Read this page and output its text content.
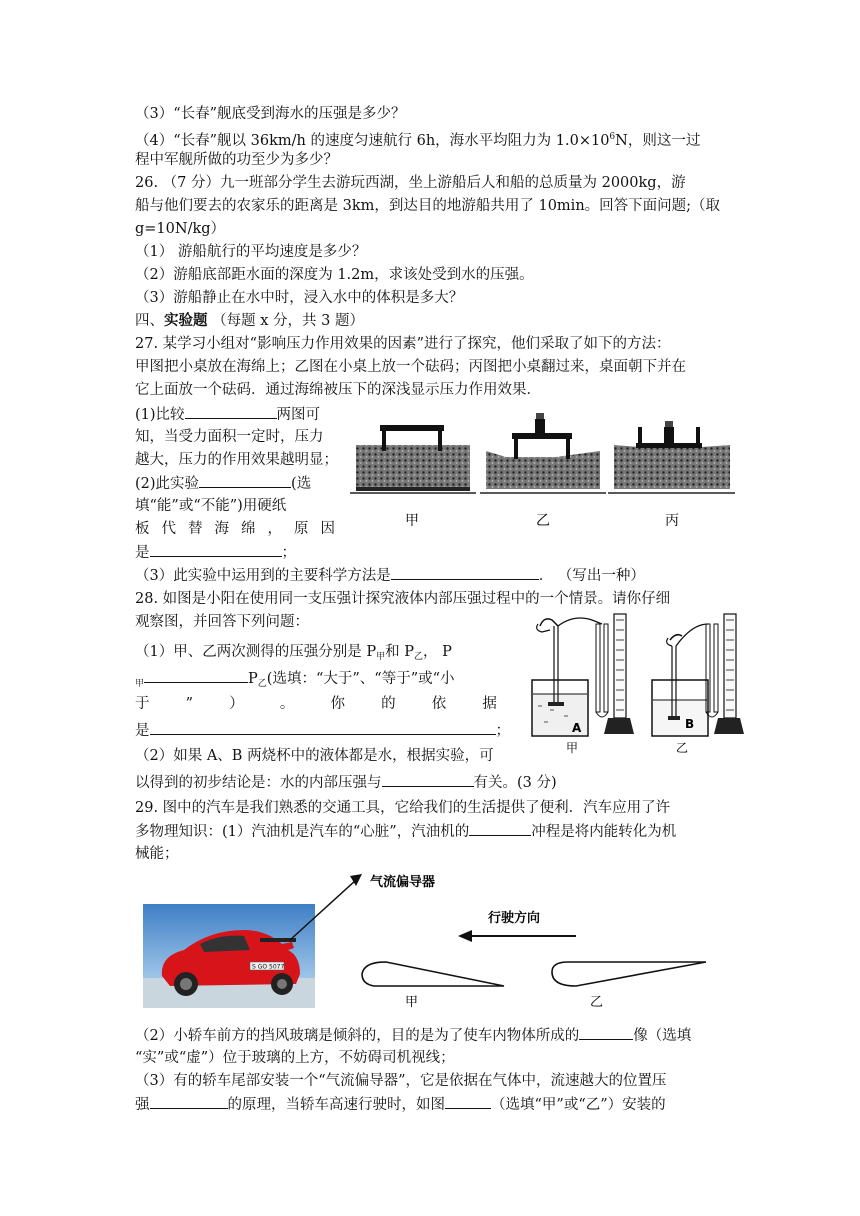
（3）“长春”舰底受到海水的压强是多少？
（4）“长春”舰以 36km/h 的速度匀速航行 6h，海水平均阻力为 $1.0\times 10^6N$，则这一过
程中军舰所做的功至少为多少？
26. （7 分）九一班部分学生去游玩西湖，坐上游船后人和船的总质量为 2000kg，游
船与他们要去的农家乐的距离是 3km，到达目的地游船共用了 10min。回答下面问题;（取
g=10N/kg）
（1） 游船航行的平均速度是多少？
（2）游船底部距水面的深度为 1.2m，求该处受到水的压强。
（3）游船静止在水中时，浸入水中的体积是多大？
四、实验题 （每题 x 分，共 3 题）
27. 某学习小组对“影响压力作用效果的因素”进行了探究，他们采取了如下的方法：
甲图把小桌放在海绵上；乙图在小桌上放一个砝码；丙图把小桌翻过来，桌面朝下并在
它上面放一个砝码．通过海绵被压下的深浅显示压力作用效果．
(1)比较	两图可
知，当受力面积一定时，压力
越大，压力的作用效果越明显；
(2)此实验	(选
填“能”或“不能”)用硬纸
板 代 替 海 绵 ， 原 因
是	；
（3）此实验中运用到的主要科学方法是	． （写出一种）
甲	乙	丙
28. 如图是小阳在使用同一支压强计探究液体内部压强过程中的一个情景。请你仔细
观察图，并回答下列问题：
（1）甲、乙两次测得的压强分别是 $P_甲$和 $P_乙$， P
$_甲$	$P_乙$(选填：“大于”、“等于”或“小
于 ” ） 。 你 的 依 据
是	；
（2）如果 A、B 两烧杯中的液体都是水，根据实验，可
以得到的初步结论是：水的内部压强与	有关。(3 分)
A
甲
B
乙
29. 图中的汽车是我们熟悉的交通工具，它给我们的生活提供了便利．汽车应用了许
多物理知识：(1）汽油机是汽车的“心脏”，汽油机的	冲程是将内能转化为机
械能；
S GO 5077
气流偏导器
行驶方向
甲	乙
（2）小轿车前方的挡风玻璃是倾斜的，目的是为了使车内物体所成的	像（选填
“实”或“虚”）位于玻璃的上方，不妨碍司机视线；
（3）有的轿车尾部安装一个“气流偏导器”，它是依据在气体中，流速越大的位置压
强	的原理，当轿车高速行驶时，如图	（选填“甲”或“乙”）安装的
